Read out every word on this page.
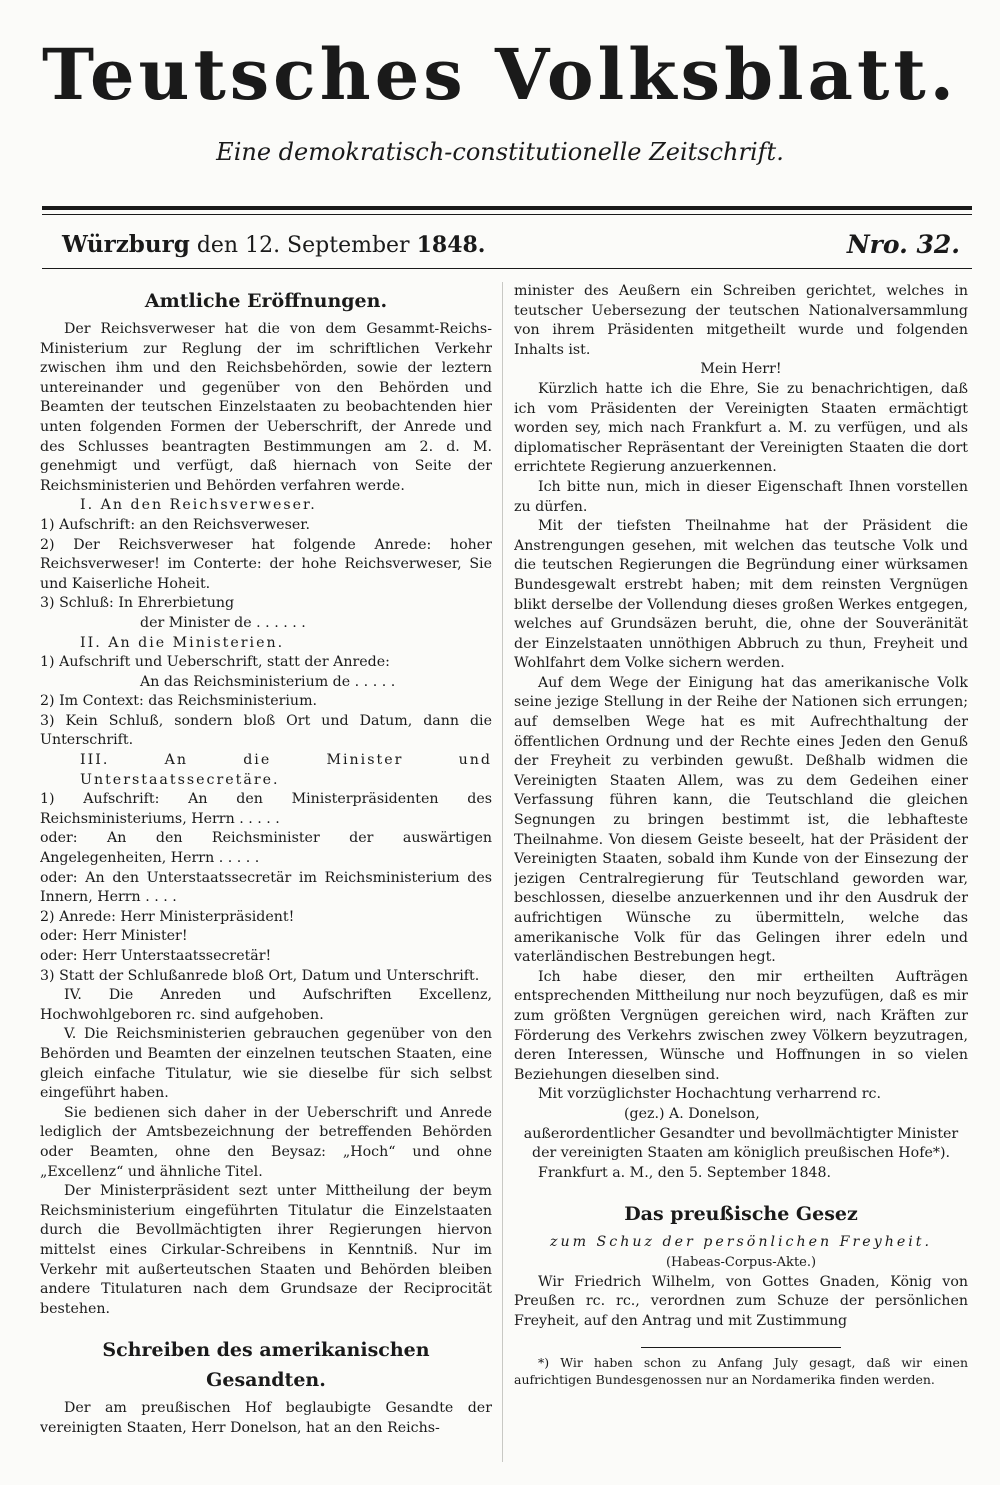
Teutsches Volksblatt.
Eine demokratisch-constitutionelle Zeitschrift.
Würzburg den 12. September 1848.	Nro. 32.
Amtliche Eröffnungen.

Der Reichsverweser hat die von dem Gesammt-Reichs-Ministerium zur Reglung der im schriftlichen Verkehr zwischen ihm und den Reichsbehörden, sowie der leztern untereinander und gegenüber von den Behörden und Beamten der teutschen Einzelstaaten zu beobachtenden hier unten folgenden Formen der Ueberschrift, der Anrede und des Schlusses beantragten Bestimmungen am 2. d. M. genehmigt und verfügt, daß hiernach von Seite der Reichsministerien und Behörden verfahren werde.

I. An den Reichsverweser.

1) Aufschrift: an den Reichsverweser.

2) Der Reichsverweser hat folgende Anrede: hoher Reichsverweser! im Conterte: der hohe Reichsverweser, Sie und Kaiserliche Hoheit.

3) Schluß: In Ehrerbietung

der Minister de . . . . . .

II. An die Ministerien.

1) Aufschrift und Ueberschrift, statt der Anrede:

An das Reichsministerium de . . . . .

2) Im Context: das Reichsministerium.

3) Kein Schluß, sondern bloß Ort und Datum, dann die Unterschrift.

III. An die Minister und Unterstaatssecretäre.

1) Aufschrift: An den Ministerpräsidenten des Reichsministeriums, Herrn . . . . .

oder: An den Reichsminister der auswärtigen Angelegenheiten, Herrn . . . . .

oder: An den Unterstaatssecretär im Reichsministerium des Innern, Herrn . . . .

2) Anrede: Herr Ministerpräsident!

oder: Herr Minister!

oder: Herr Unterstaatssecretär!

3) Statt der Schlußanrede bloß Ort, Datum und Unterschrift.

IV. Die Anreden und Aufschriften Excellenz, Hochwohlgeboren rc. sind aufgehoben.

V. Die Reichsministerien gebrauchen gegenüber von den Behörden und Beamten der einzelnen teutschen Staaten, eine gleich einfache Titulatur, wie sie dieselbe für sich selbst eingeführt haben.

Sie bedienen sich daher in der Ueberschrift und Anrede lediglich der Amtsbezeichnung der betreffenden Behörden oder Beamten, ohne den Beysaz: „Hoch“ und ohne „Excellenz“ und ähnliche Titel.

Der Ministerpräsident sezt unter Mittheilung der beym Reichsministerium eingeführten Titulatur die Einzelstaaten durch die Bevollmächtigten ihrer Regierungen hiervon mittelst eines Cirkular-Schreibens in Kenntniß. Nur im Verkehr mit außerteutschen Staaten und Behörden bleiben andere Titulaturen nach dem Grundsaze der Reciprocität bestehen.

Schreiben des amerikanischen Gesandten.

Der am preußischen Hof beglaubigte Gesandte der vereinigten Staaten, Herr Donelson, hat an den Reichs-

minister des Aeußern ein Schreiben gerichtet, welches in teutscher Uebersezung der teutschen Nationalversammlung von ihrem Präsidenten mitgetheilt wurde und folgenden Inhalts ist.

Mein Herr!

Kürzlich hatte ich die Ehre, Sie zu benachrichtigen, daß ich vom Präsidenten der Vereinigten Staaten ermächtigt worden sey, mich nach Frankfurt a. M. zu verfügen, und als diplomatischer Repräsentant der Vereinigten Staaten die dort errichtete Regierung anzuerkennen.

Ich bitte nun, mich in dieser Eigenschaft Ihnen vorstellen zu dürfen.

Mit der tiefsten Theilnahme hat der Präsident die Anstrengungen gesehen, mit welchen das teutsche Volk und die teutschen Regierungen die Begründung einer würksamen Bundesgewalt erstrebt haben; mit dem reinsten Vergnügen blikt derselbe der Vollendung dieses großen Werkes entgegen, welches auf Grundsäzen beruht, die, ohne der Souveränität der Einzelstaaten unnöthigen Abbruch zu thun, Freyheit und Wohlfahrt dem Volke sichern werden.

Auf dem Wege der Einigung hat das amerikanische Volk seine jezige Stellung in der Reihe der Nationen sich errungen; auf demselben Wege hat es mit Aufrechthaltung der öffentlichen Ordnung und der Rechte eines Jeden den Genuß der Freyheit zu verbinden gewußt. Deßhalb widmen die Vereinigten Staaten Allem, was zu dem Gedeihen einer Verfassung führen kann, die Teutschland die gleichen Segnungen zu bringen bestimmt ist, die lebhafteste Theilnahme. Von diesem Geiste beseelt, hat der Präsident der Vereinigten Staaten, sobald ihm Kunde von der Einsezung der jezigen Centralregierung für Teutschland geworden war, beschlossen, dieselbe anzuerkennen und ihr den Ausdruk der aufrichtigen Wünsche zu übermitteln, welche das amerikanische Volk für das Gelingen ihrer edeln und vaterländischen Bestrebungen hegt.

Ich habe dieser, den mir ertheilten Aufträgen entsprechenden Mittheilung nur noch beyzufügen, daß es mir zum größten Vergnügen gereichen wird, nach Kräften zur Förderung des Verkehrs zwischen zwey Völkern beyzutragen, deren Interessen, Wünsche und Hoffnungen in so vielen Beziehungen dieselben sind.

Mit vorzüglichster Hochachtung verharrend rc.

(gez.) A. Donelson,

außerordentlicher Gesandter und bevollmächtigter Minister der vereinigten Staaten am königlich preußischen Hofe*).

Frankfurt a. M., den 5. September 1848.

Das preußische Gesez

zum Schuz der persönlichen Freyheit.

(Habeas-Corpus-Akte.)

Wir Friedrich Wilhelm, von Gottes Gnaden, König von Preußen rc. rc., verordnen zum Schuze der persönlichen Freyheit, auf den Antrag und mit Zustimmung

*) Wir haben schon zu Anfang July gesagt, daß wir einen aufrichtigen Bundesgenossen nur an Nordamerika finden werden.
